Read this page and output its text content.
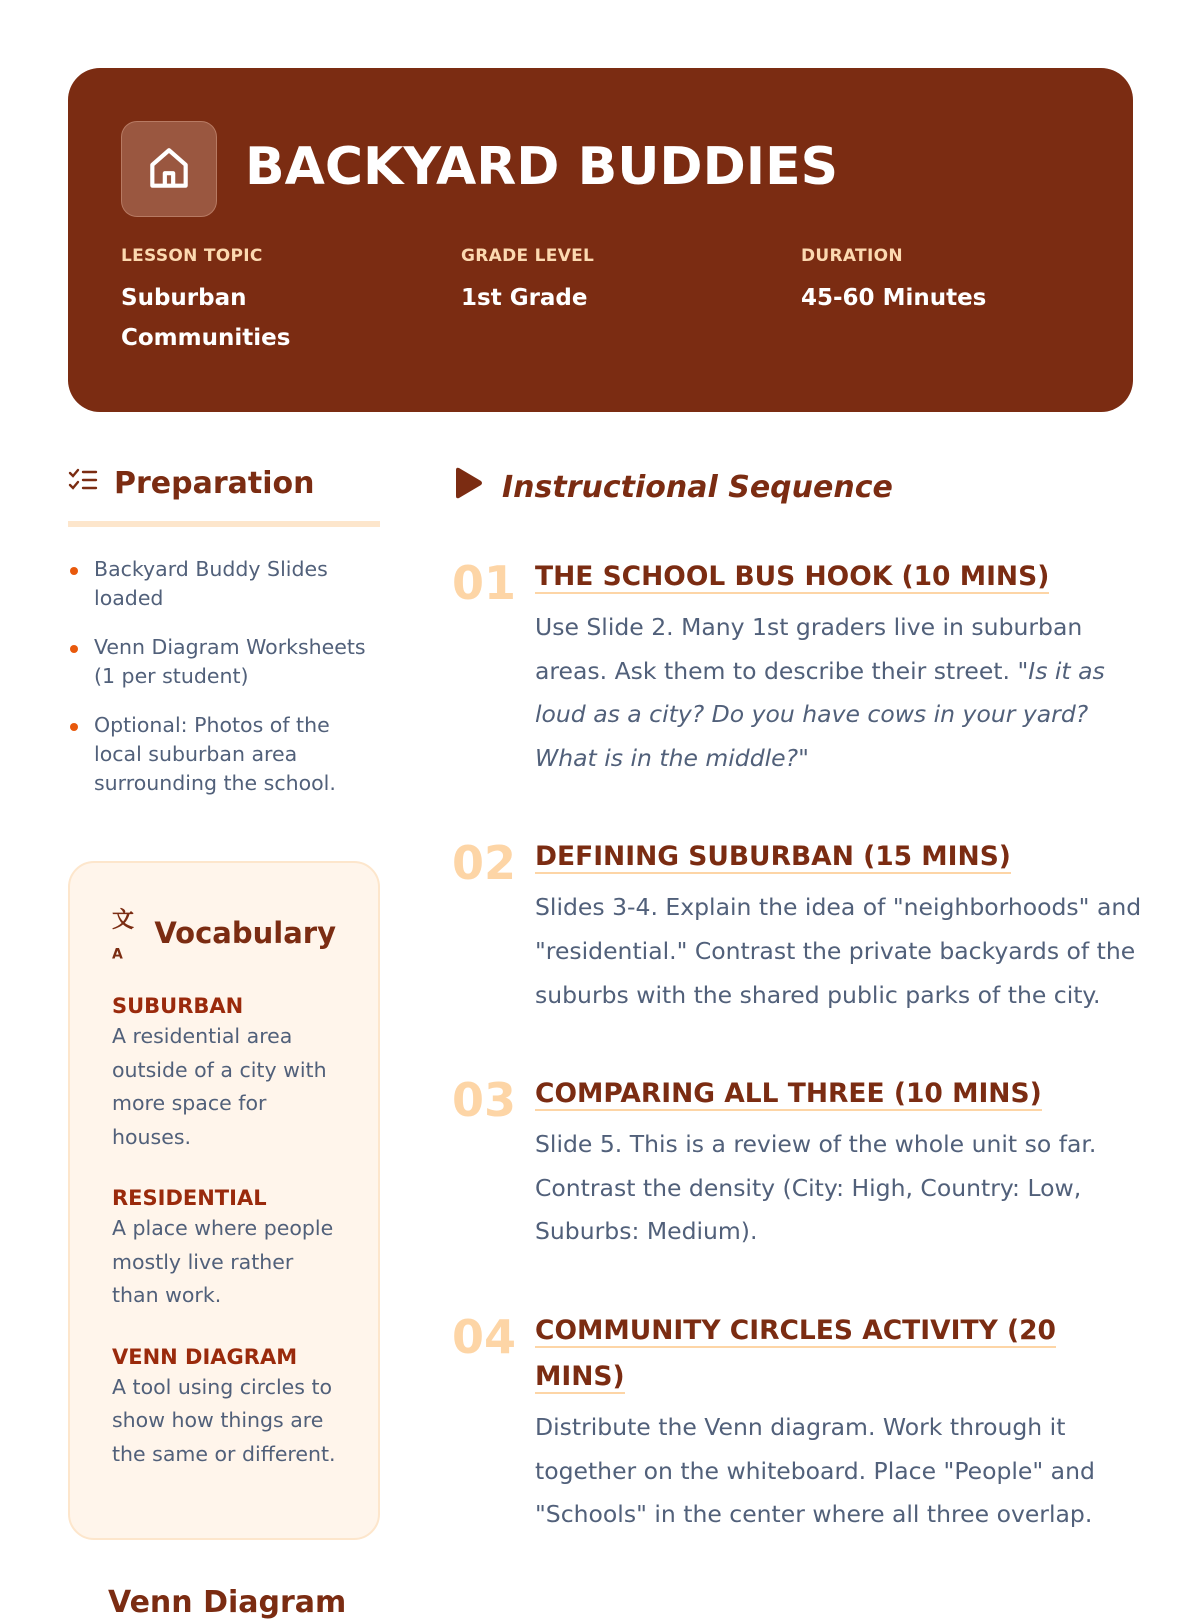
BACKYARD BUDDIES
LESSON TOPIC
Suburban Communities
GRADE LEVEL
1st Grade
DURATION
45-60 Minutes
Preparation
Backyard Buddy Slides loaded
Venn Diagram Worksheets (1 per student)
Optional: Photos of the local suburban area surrounding the school.
文$_A$
Vocabulary
SUBURBAN
A residential area outside of a city with more space for houses.
RESIDENTIAL
A place where people mostly live rather than work.
VENN DIAGRAM
A tool using circles to show how things are the same or different.
Venn Diagram
Instructional Sequence
01 THE SCHOOL BUS HOOK (10 MINS)
Use Slide 2. Many 1st graders live in suburban areas. Ask them to describe their street. "Is it as loud as a city? Do you have cows in your yard? What is in the middle?"
02 DEFINING SUBURBAN (15 MINS)
Slides 3-4. Explain the idea of "neighborhoods" and "residential." Contrast the private backyards of the suburbs with the shared public parks of the city.
03 COMPARING ALL THREE (10 MINS)
Slide 5. This is a review of the whole unit so far. Contrast the density (City: High, Country: Low, Suburbs: Medium).
04 COMMUNITY CIRCLES ACTIVITY (20 MINS)
Distribute the Venn diagram. Work through it together on the whiteboard. Place "People" and "Schools" in the center where all three overlap.
